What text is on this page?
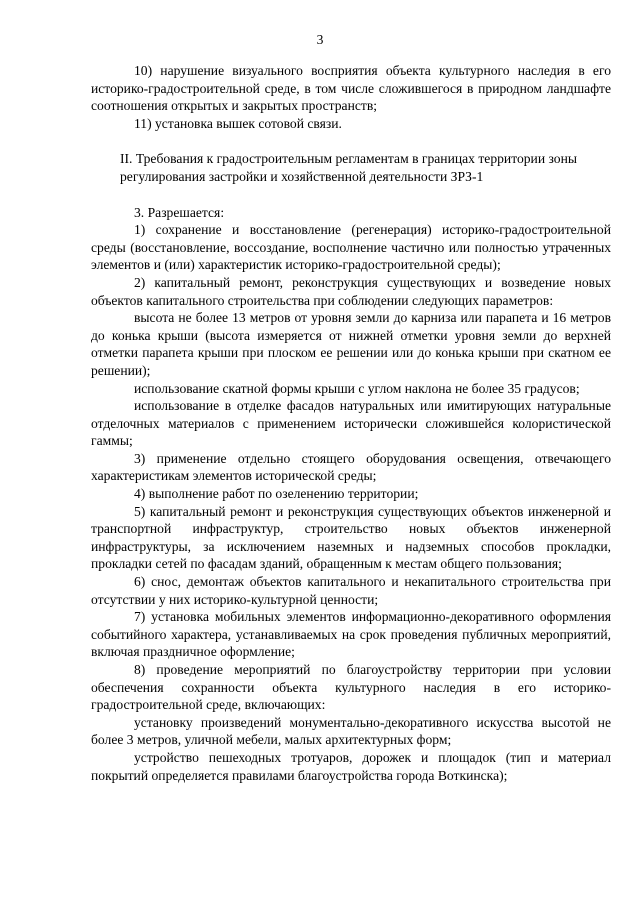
3

10) нарушение визуального восприятия объекта культурного наследия в его историко-градостроительной среде, в том числе сложившегося в природном ландшафте соотношения открытых и закрытых пространств;

11) установка вышек сотовой связи.

II. Требования к градостроительным регламентам в границах территории зоны регулирования застройки и хозяйственной деятельности ЗРЗ-1

3. Разрешается:

1) сохранение и восстановление (регенерация) историко-градостроительной среды (восстановление, воссоздание, восполнение частично или полностью утраченных элементов и (или) характеристик историко-градостроительной среды);

2) капитальный ремонт, реконструкция существующих и возведение новых объектов капитального строительства при соблюдении следующих параметров:

высота не более 13 метров от уровня земли до карниза или парапета и 16 метров до конька крыши (высота измеряется от нижней отметки уровня земли до верхней отметки парапета крыши при плоском ее решении или до конька крыши при скатном ее решении);

использование скатной формы крыши с углом наклона не более 35 градусов;

использование в отделке фасадов натуральных или имитирующих натуральные отделочных материалов с применением исторически сложившейся колористической гаммы;

3) применение отдельно стоящего оборудования освещения, отвечающего характеристикам элементов исторической среды;

4) выполнение работ по озеленению территории;

5) капитальный ремонт и реконструкция существующих объектов инженерной и транспортной инфраструктур, строительство новых объектов инженерной инфраструктуры, за исключением наземных и надземных способов прокладки, прокладки сетей по фасадам зданий, обращенным к местам общего пользования;

6) снос, демонтаж объектов капитального и некапитального строительства при отсутствии у них историко-культурной ценности;

7) установка мобильных элементов информационно-декоративного оформления событийного характера, устанавливаемых на срок проведения публичных мероприятий, включая праздничное оформление;

8) проведение мероприятий по благоустройству территории при условии обеспечения сохранности объекта культурного наследия в его историко-градостроительной среде, включающих:

установку произведений монументально-декоративного искусства высотой не более 3 метров, уличной мебели, малых архитектурных форм;

устройство пешеходных тротуаров, дорожек и площадок (тип и материал покрытий определяется правилами благоустройства города Воткинска);
